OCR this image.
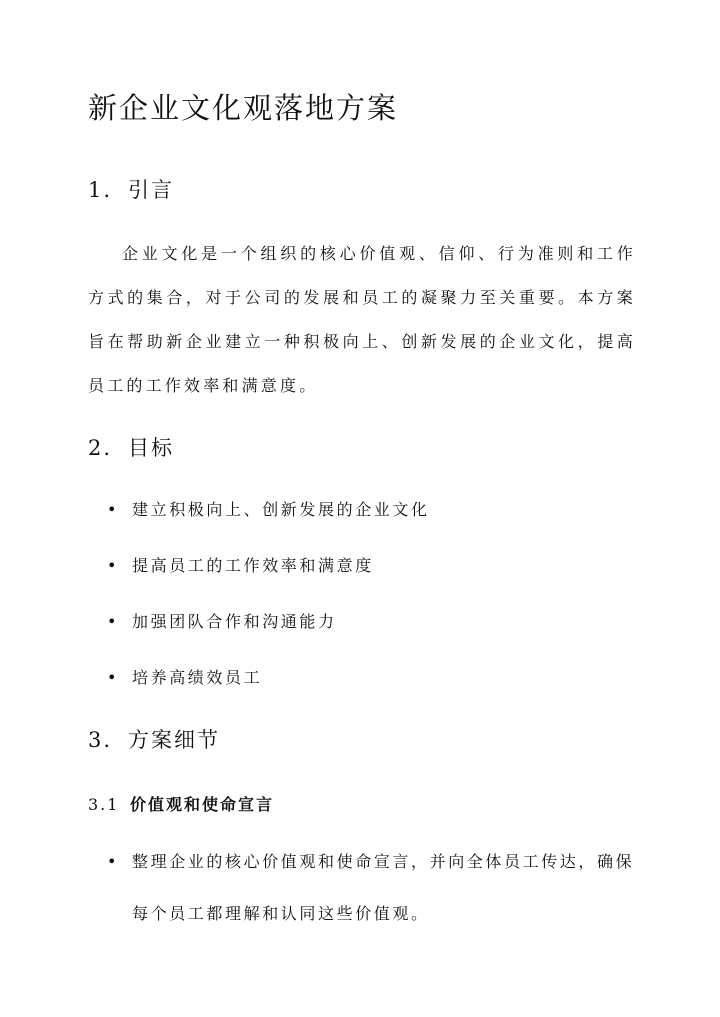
新企业文化观落地方案
1. 引言

企业文化是一个组织的核心价值观、信仰、行为准则和工作方式的集合，对于公司的发展和员工的凝聚力至关重要。本方案旨在帮助新企业建立一种积极向上、创新发展的企业文化，提高员工的工作效率和满意度。

2. 目标
• 建立积极向上、创新发展的企业文化
• 提高员工的工作效率和满意度
• 加强团队合作和沟通能力
• 培养高绩效员工
3. 方案细节
3.1 价值观和使命宣言
• 整理企业的核心价值观和使命宣言，并向全体员工传达，确保每个员工都理解和认同这些价值观。
